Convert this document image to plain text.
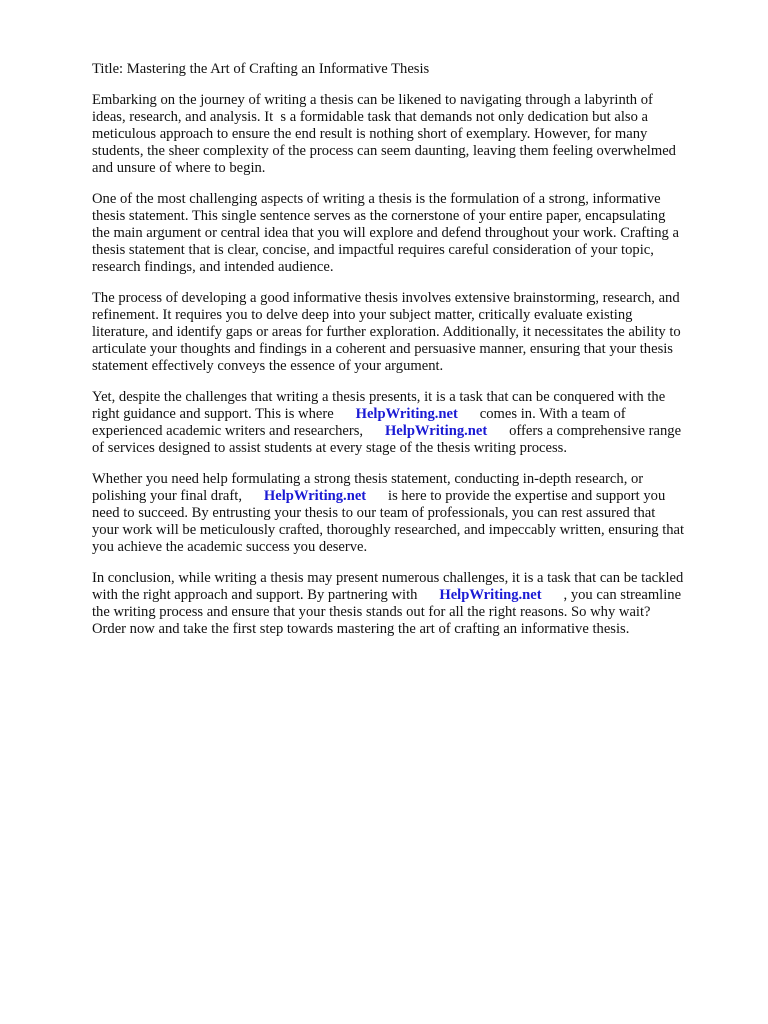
Title: Mastering the Art of Crafting an Informative Thesis
Embarking on the journey of writing a thesis can be likened to navigating through a labyrinth of
ideas, research, and analysis. It  s a formidable task that demands not only dedication but also a
meticulous approach to ensure the end result is nothing short of exemplary. However, for many
students, the sheer complexity of the process can seem daunting, leaving them feeling overwhelmed
and unsure of where to begin.
One of the most challenging aspects of writing a thesis is the formulation of a strong, informative
thesis statement. This single sentence serves as the cornerstone of your entire paper, encapsulating
the main argument or central idea that you will explore and defend throughout your work. Crafting a
thesis statement that is clear, concise, and impactful requires careful consideration of your topic,
research findings, and intended audience.
The process of developing a good informative thesis involves extensive brainstorming, research, and
refinement. It requires you to delve deep into your subject matter, critically evaluate existing
literature, and identify gaps or areas for further exploration. Additionally, it necessitates the ability to
articulate your thoughts and findings in a coherent and persuasive manner, ensuring that your thesis
statement effectively conveys the essence of your argument.
Yet, despite the challenges that writing a thesis presents, it is a task that can be conquered with the
right guidance and support. This is where HelpWriting.net comes in. With a team of
experienced academic writers and researchers, HelpWriting.net offers a comprehensive range
of services designed to assist students at every stage of the thesis writing process.
Whether you need help formulating a strong thesis statement, conducting in-depth research, or
polishing your final draft, HelpWriting.net is here to provide the expertise and support you
need to succeed. By entrusting your thesis to our team of professionals, you can rest assured that
your work will be meticulously crafted, thoroughly researched, and impeccably written, ensuring that
you achieve the academic success you deserve.
In conclusion, while writing a thesis may present numerous challenges, it is a task that can be tackled
with the right approach and support. By partnering with HelpWriting.net , you can streamline
the writing process and ensure that your thesis stands out for all the right reasons. So why wait?
Order now and take the first step towards mastering the art of crafting an informative thesis.
